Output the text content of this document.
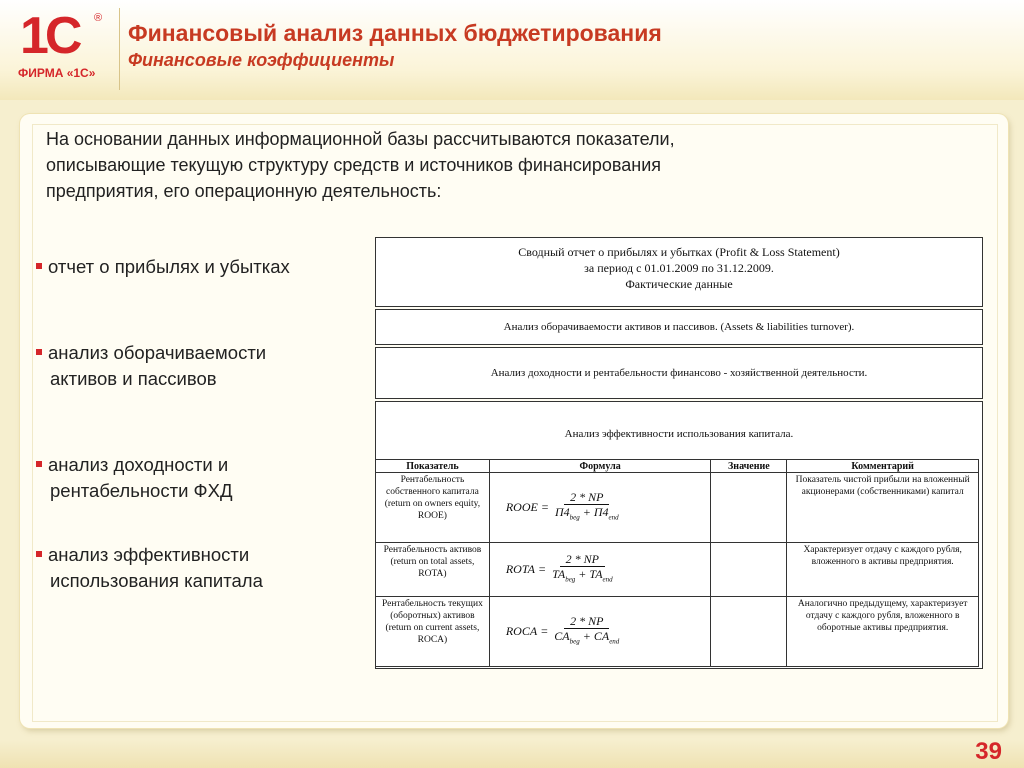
1С ®
ФИРМА «1С»
Финансовый анализ данных бюджетирования
Финансовые коэффициенты
На основании данных информационной базы рассчитываются показатели, описывающие текущую структуру средств и источников финансирования предприятия, его операционную деятельность:
отчет о прибылях и убытках
анализ оборачиваемости
активов и пассивов
анализ доходности и
рентабельности ФХД
анализ эффективности
использования капитала
Сводный отчет о прибылях и убытках (Profit & Loss Statement)
за период с 01.01.2009 по 31.12.2009.
Фактические данные
Анализ оборачиваемости активов и пассивов. (Assets & liabilities turnover).
Анализ доходности и рентабельности финансово - хозяйственной деятельности.
Анализ эффективности использования капитала.
Показатель	Формула	Значение	Комментарий
Рентабельность собственного капитала (return on owners equity, ROOE)	ROOE = $\frac{2 * NP}{П4_{beg} + П4_{end}}$		Показатель чистой прибыли на вложенный акционерами (собственниками) капитал
Рентабельность активов (return on total assets, ROTA)	ROTA = $\frac{2 * NP}{TA_{beg} + TA_{end}}$		Характеризует отдачу с каждого рубля, вложенного в активы предприятия.
Рентабельность текущих (оборотных) активов (return on current assets, ROCA)	ROCA = $\frac{2 * NP}{CA_{beg} + CA_{end}}$		Аналогично предыдущему, характеризует отдачу с каждого рубля, вложенного в оборотные активы предприятия.
39
